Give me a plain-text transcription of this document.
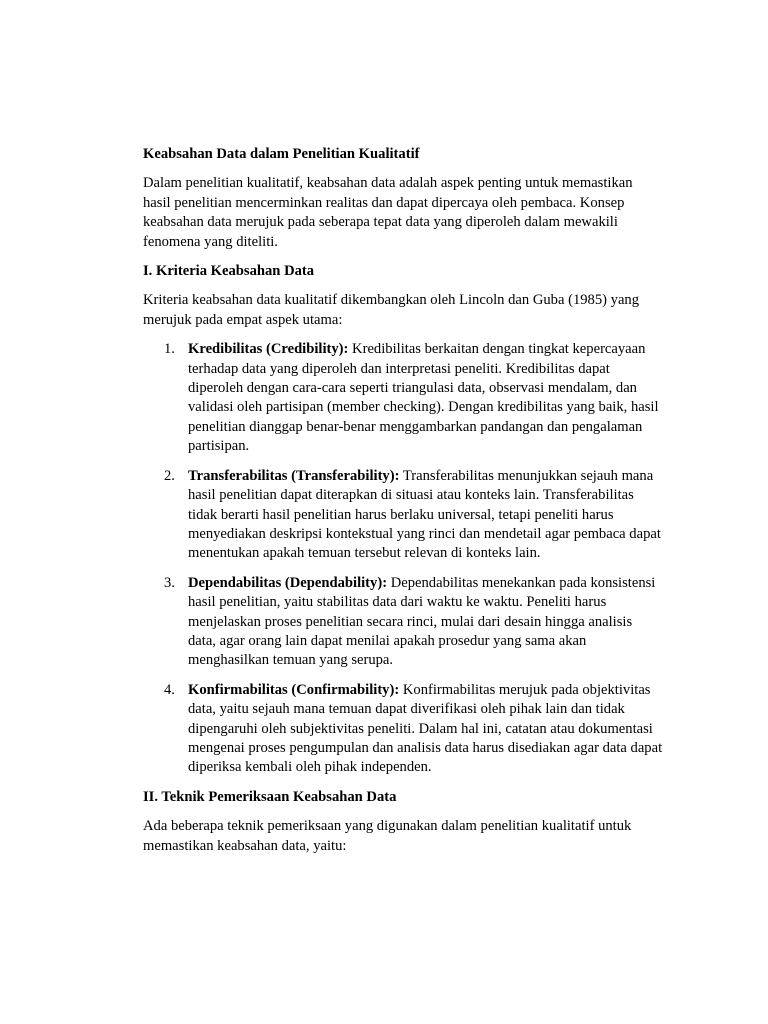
Keabsahan Data dalam Penelitian Kualitatif

Dalam penelitian kualitatif, keabsahan data adalah aspek penting untuk memastikan hasil penelitian mencerminkan realitas dan dapat dipercaya oleh pembaca. Konsep keabsahan data merujuk pada seberapa tepat data yang diperoleh dalam mewakili fenomena yang diteliti.

I. Kriteria Keabsahan Data

Kriteria keabsahan data kualitatif dikembangkan oleh Lincoln dan Guba (1985) yang merujuk pada empat aspek utama:

1. Kredibilitas (Credibility): Kredibilitas berkaitan dengan tingkat kepercayaan terhadap data yang diperoleh dan interpretasi peneliti. Kredibilitas dapat diperoleh dengan cara-cara seperti triangulasi data, observasi mendalam, dan validasi oleh partisipan (member checking). Dengan kredibilitas yang baik, hasil penelitian dianggap benar-benar menggambarkan pandangan dan pengalaman partisipan.
2. Transferabilitas (Transferability): Transferabilitas menunjukkan sejauh mana hasil penelitian dapat diterapkan di situasi atau konteks lain. Transferabilitas tidak berarti hasil penelitian harus berlaku universal, tetapi peneliti harus menyediakan deskripsi kontekstual yang rinci dan mendetail agar pembaca dapat menentukan apakah temuan tersebut relevan di konteks lain.
3. Dependabilitas (Dependability): Dependabilitas menekankan pada konsistensi hasil penelitian, yaitu stabilitas data dari waktu ke waktu. Peneliti harus menjelaskan proses penelitian secara rinci, mulai dari desain hingga analisis data, agar orang lain dapat menilai apakah prosedur yang sama akan menghasilkan temuan yang serupa.
4. Konfirmabilitas (Confirmability): Konfirmabilitas merujuk pada objektivitas data, yaitu sejauh mana temuan dapat diverifikasi oleh pihak lain dan tidak dipengaruhi oleh subjektivitas peneliti. Dalam hal ini, catatan atau dokumentasi mengenai proses pengumpulan dan analisis data harus disediakan agar data dapat diperiksa kembali oleh pihak independen.

II. Teknik Pemeriksaan Keabsahan Data

Ada beberapa teknik pemeriksaan yang digunakan dalam penelitian kualitatif untuk memastikan keabsahan data, yaitu:
